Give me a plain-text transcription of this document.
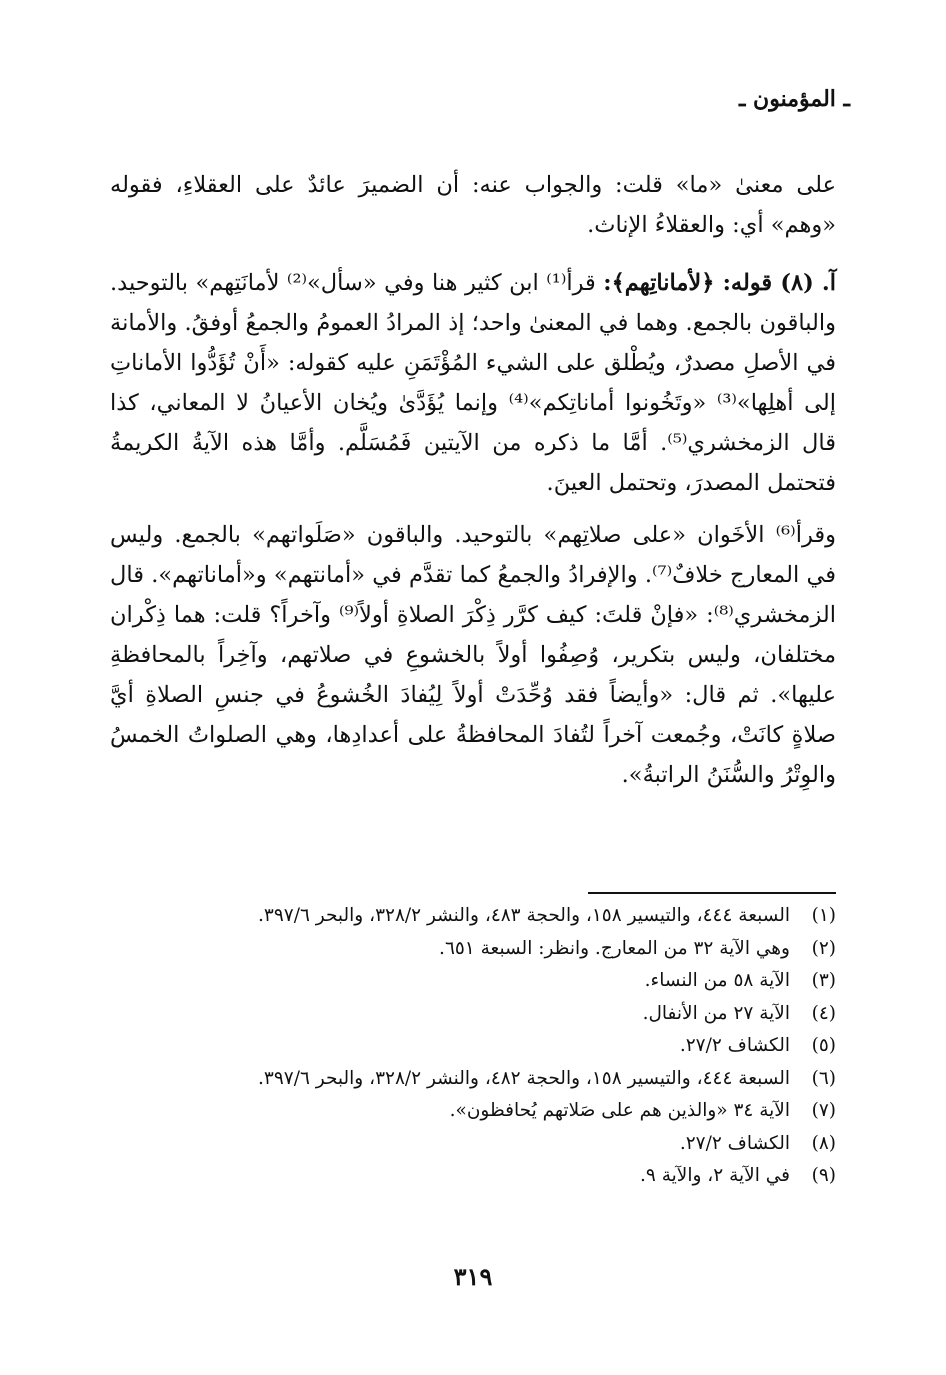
ـ المؤمنون ـ

على معنىٰ «ما» قلت: والجواب عنه: أن الضميرَ عائدٌ على العقلاءِ، فقوله «وهم» أي: والعقلاءُ الإناث.

آ. (٨) قوله: ﴿لأماناتِهم﴾: قرأ⁽¹⁾ ابن كثير هنا وفي «سأل»⁽²⁾ لأمانَتِهم» بالتوحيد. والباقون بالجمع. وهما في المعنىٰ واحد؛ إذ المرادُ العمومُ والجمعُ أوفقُ. والأمانة في الأصلِ مصدرٌ، ويُطْلق على الشيء المُؤْتَمَنِ عليه كقوله: «أَنْ تُؤَدُّوا الأماناتِ إلى أهلِها»⁽³⁾ «وتَخُونوا أماناتِكم»⁽⁴⁾ وإنما يُؤَدَّىٰ ويُخان الأعيانُ لا المعاني، كذا قال الزمخشري⁽⁵⁾. أمَّا ما ذكره من الآيتين فَمُسَلَّم. وأمَّا هذه الآيةُ الكريمةُ فتحتمل المصدرَ، وتحتمل العينَ.

وقرأ⁽⁶⁾ الأخَوان «على صلاتِهم» بالتوحيد. والباقون «صَلَواتهم» بالجمع. وليس في المعارج خلافٌ⁽⁷⁾. والإفرادُ والجمعُ كما تقدَّم في «أمانتهم» و«أماناتهم». قال الزمخشري⁽⁸⁾: «فإنْ قلتَ: كيف كرَّر ذِكْرَ الصلاةِ أولاً⁽⁹⁾ وآخراً؟ قلت: هما ذِكْران مختلفان، وليس بتكرير، وُصِفُوا أولاً بالخشوعِ في صلاتهم، وآخِراً بالمحافظةِ عليها». ثم قال: «وأيضاً فقد وُحِّدَتْ أولاً لِيُفادَ الخُشوعُ في جنسِ الصلاةِ أيَّ صلاةٍ كانَتْ، وجُمعت آخراً لتُفادَ المحافظةُ على أعدادِها، وهي الصلواتُ الخمسُ والوِتْرُ والسُّنَنُ الراتبةُ».

(١)
السبعة ٤٤٤، والتيسير ١٥٨، والحجة ٤٨٣، والنشر ٣٢٨/٢، والبحر ٣٩٧/٦.
(٢)
وهي الآية ٣٢ من المعارج. وانظر: السبعة ٦٥١.
(٣)
الآية ٥٨ من النساء.
(٤)
الآية ٢٧ من الأنفال.
(٥)
الكشاف ٢٧/٢.
(٦)
السبعة ٤٤٤، والتيسير ١٥٨، والحجة ٤٨٢، والنشر ٣٢٨/٢، والبحر ٣٩٧/٦.
(٧)
الآية ٣٤ «والذين هم على صَلاتهم يُحافظون».
(٨)
الكشاف ٢٧/٢.
(٩)
في الآية ٢، والآية ٩.
٣١٩
